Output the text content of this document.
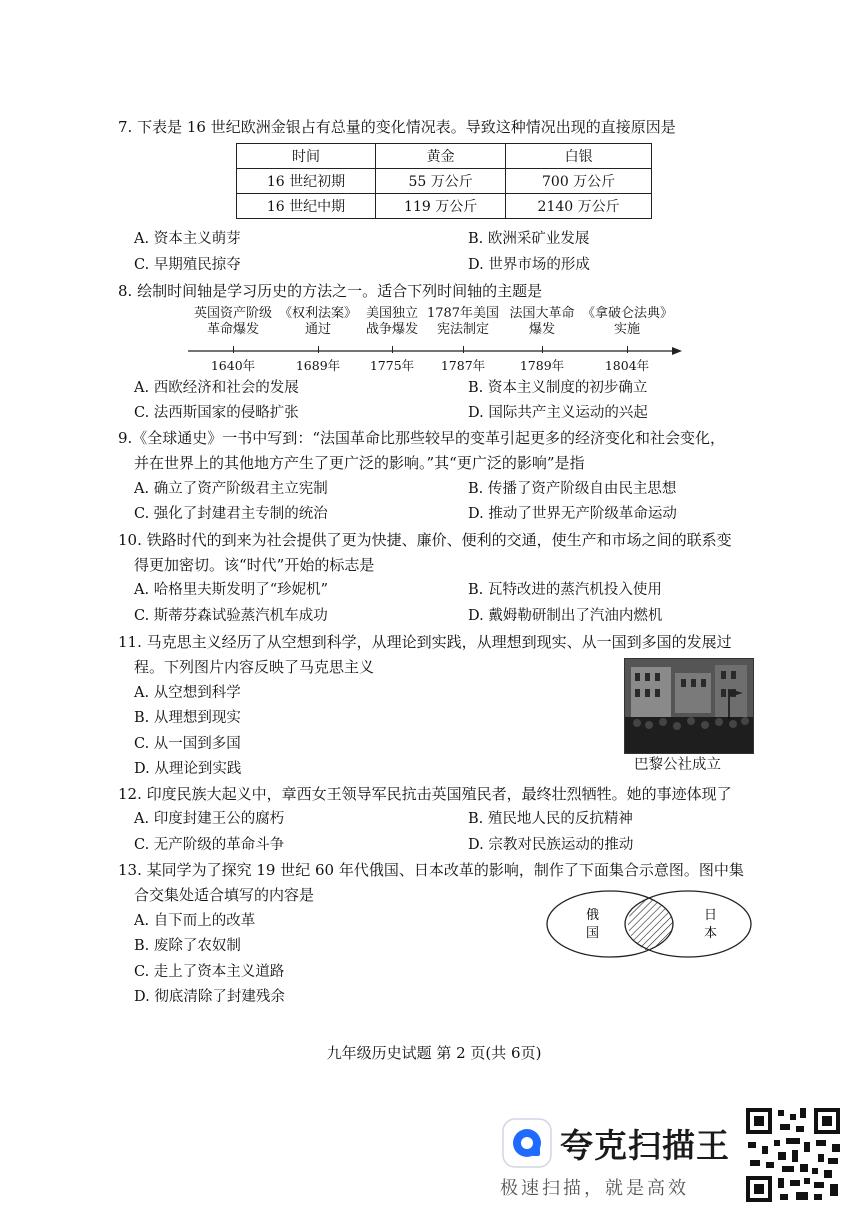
7. 下表是 16 世纪欧洲金银占有总量的变化情况表。导致这种情况出现的直接原因是
时间	黄金	白银
16 世纪初期	55 万公斤	700 万公斤
16 世纪中期	119 万公斤	2140 万公斤
A. 资本主义萌芽	B. 欧洲采矿业发展
C. 早期殖民掠夺	D. 世界市场的形成
8. 绘制时间轴是学习历史的方法之一。适合下列时间轴的主题是
英国资产阶级
革命爆发
《权利法案》
通过
美国独立
战争爆发
1787年美国
宪法制定
法国大革命
爆发
《拿破仑法典》
实施
1640年	1689年	1775年	1787年	1789年	1804年
A. 西欧经济和社会的发展	B. 资本主义制度的初步确立
C. 法西斯国家的侵略扩张	D. 国际共产主义运动的兴起
9.《全球通史》一书中写到：“法国革命比那些较早的变革引起更多的经济变化和社会变化，
并在世界上的其他地方产生了更广泛的影响。”其“更广泛的影响”是指
A. 确立了资产阶级君主立宪制	B. 传播了资产阶级自由民主思想
C. 强化了封建君主专制的统治	D. 推动了世界无产阶级革命运动
10. 铁路时代的到来为社会提供了更为快捷、廉价、便利的交通，使生产和市场之间的联系变
得更加密切。该“时代”开始的标志是
A. 哈格里夫斯发明了“珍妮机”	B. 瓦特改进的蒸汽机投入使用
C. 斯蒂芬森试验蒸汽机车成功	D. 戴姆勒研制出了汽油内燃机
11. 马克思主义经历了从空想到科学，从理论到实践，从理想到现实、从一国到多国的发展过
程。下列图片内容反映了马克思主义
A. 从空想到科学
B. 从理想到现实
C. 从一国到多国
D. 从理论到实践	巴黎公社成立
12. 印度民族大起义中，章西女王领导军民抗击英国殖民者，最终壮烈牺牲。她的事迹体现了
A. 印度封建王公的腐朽	B. 殖民地人民的反抗精神
C. 无产阶级的革命斗争	D. 宗教对民族运动的推动
13. 某同学为了探究 19 世纪 60 年代俄国、日本改革的影响，制作了下面集合示意图。图中集
合交集处适合填写的内容是
A. 自下而上的改革
B. 废除了农奴制
C. 走上了资本主义道路
D. 彻底清除了封建残余
俄
国
日
本
九年级历史试题 第 2 页(共 6页)
夸克扫描王
极速扫描，就是高效
